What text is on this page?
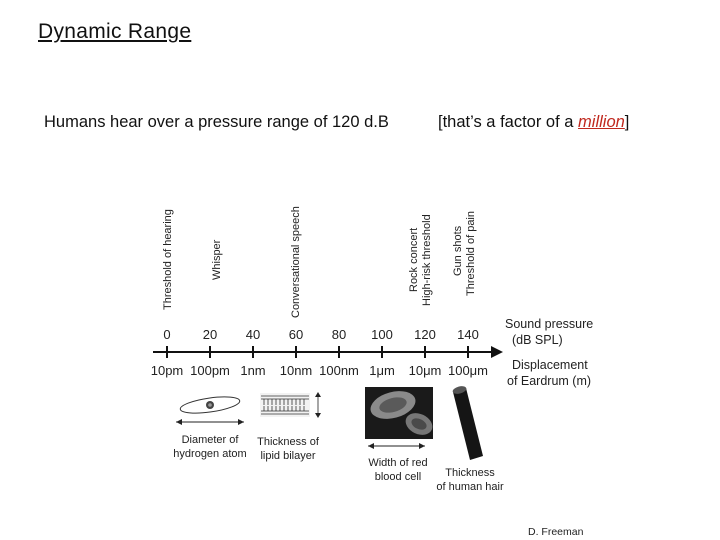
Dynamic Range
Humans hear over a pressure range of 120 d.B	[that’s a factor of a million]
Threshold of hearing	Whisper	Conversational speech	Rock concert High-risk threshold Gun shots Threshold of pain
0 20 40 60 80 100 120 140
10pm 100pm 1nm 10nm 100nm 1μm 10μm 100μm
Sound pressure
(dB SPL)
Displacement
of Eardrum (m)
Diameter of
hydrogen atom
Thickness of
lipid bilayer
Width of red
blood cell Thickness
of human hair
D. Freeman
